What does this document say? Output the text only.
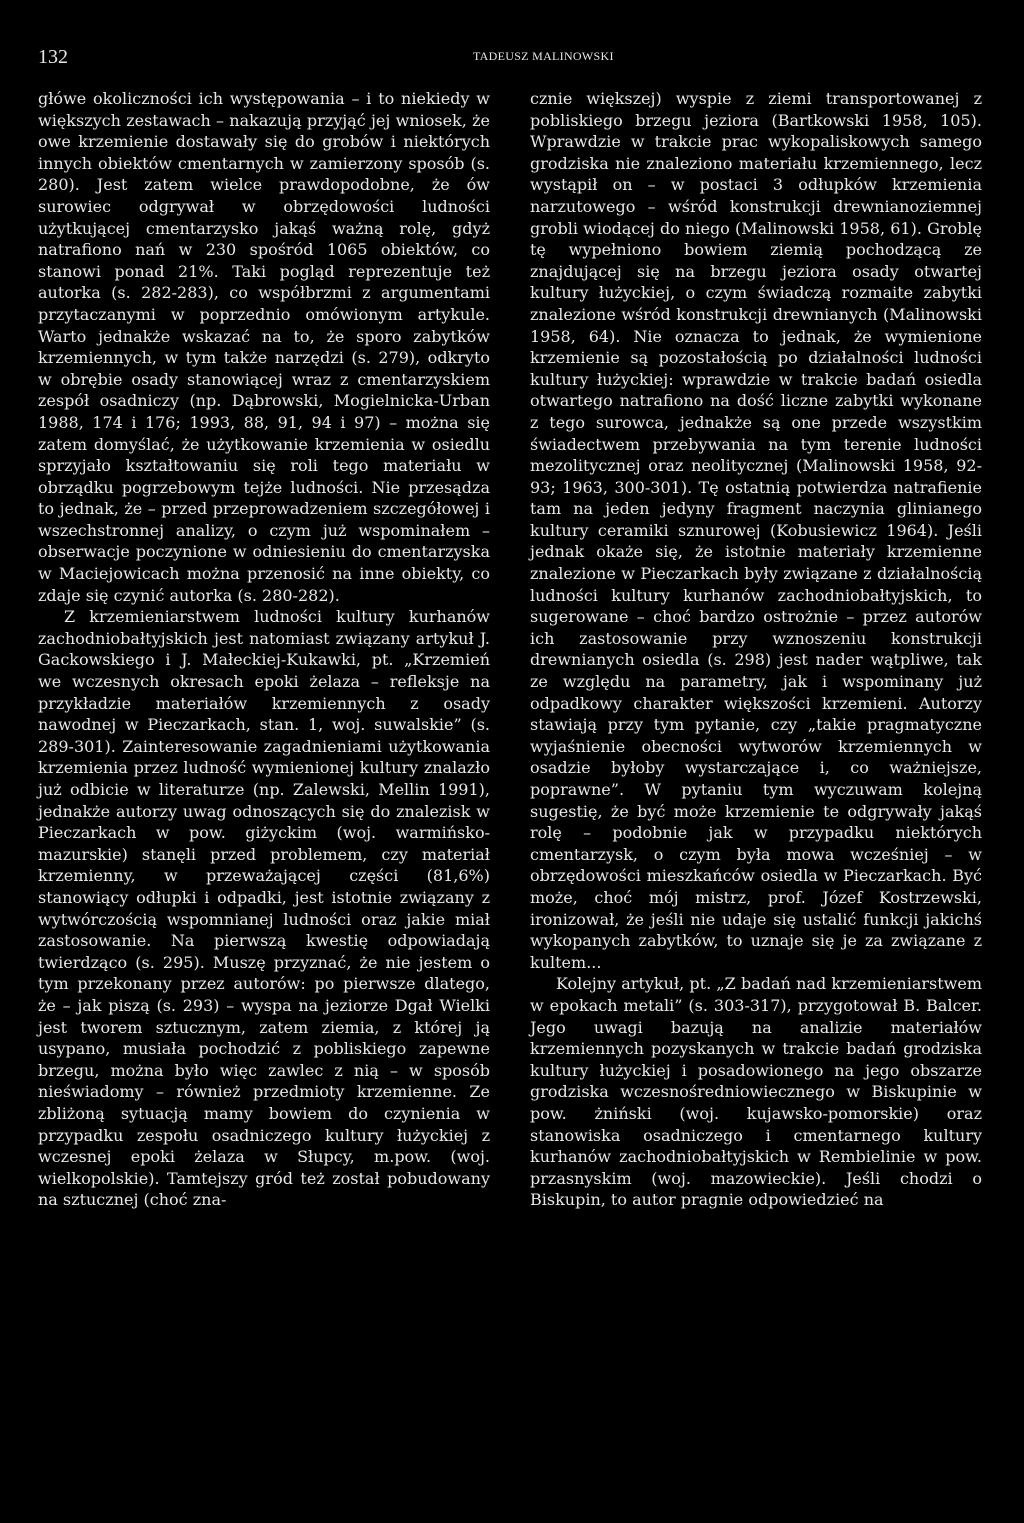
132	TADEUSZ MALINOWSKI

główe okoliczności ich występowania – i to niekiedy w większych zestawach – nakazują przyjąć jej wniosek, że owe krzemienie dostawały się do grobów i niektórych innych obiektów cmentarnych w zamierzony sposób (s. 280). Jest zatem wielce prawdopodobne, że ów surowiec odgrywał w obrzędowości ludności użytkującej cmentarzysko jakąś ważną rolę, gdyż natrafiono nań w 230 spośród 1065 obiektów, co stanowi ponad 21%. Taki pogląd reprezentuje też autorka (s. 282-283), co współbrzmi z argumentami przytaczanymi w poprzednio omówionym artykule. Warto jednakże wskazać na to, że sporo zabytków krzemiennych, w tym także narzędzi (s. 279), odkryto w obrębie osady stanowiącej wraz z cmentarzyskiem zespół osadniczy (np. Dąbrowski, Mogielnicka-Urban 1988, 174 i 176; 1993, 88, 91, 94 i 97) – można się zatem domyślać, że użytkowanie krzemienia w osiedlu sprzyjało kształtowaniu się roli tego materiału w obrządku pogrzebowym tejże ludności. Nie przesądza to jednak, że – przed przeprowadzeniem szczegółowej i wszechstronnej analizy, o czym już wspominałem – obserwacje poczynione w odniesieniu do cmentarzyska w Maciejowicach można przenosić na inne obiekty, co zdaje się czynić autorka (s. 280-282).

Z krzemieniarstwem ludności kultury kurhanów zachodniobałtyjskich jest natomiast związany artykuł J. Gackowskiego i J. Małeckiej-Kukawki, pt. „Krzemień we wczesnych okresach epoki żelaza – refleksje na przykładzie materiałów krzemiennych z osady nawodnej w Pieczarkach, stan. 1, woj. suwalskie” (s. 289-301). Zainteresowanie zagadnieniami użytkowania krzemienia przez ludność wymienionej kultury znalazło już odbicie w literaturze (np. Zalewski, Mellin 1991), jednakże autorzy uwag odnoszących się do znalezisk w Pieczarkach w pow. giżyckim (woj. warmińsko-mazurskie) stanęli przed problemem, czy materiał krzemienny, w przeważającej części (81,6%) stanowiący odłupki i odpadki, jest istotnie związany z wytwórczością wspomnianej ludności oraz jakie miał zastosowanie. Na pierwszą kwestię odpowiadają twierdząco (s. 295). Muszę przyznać, że nie jestem o tym przekonany przez autorów: po pierwsze dlatego, że – jak piszą (s. 293) – wyspa na jeziorze Dgał Wielki jest tworem sztucznym, zatem ziemia, z której ją usypano, musiała pochodzić z pobliskiego zapewne brzegu, można było więc zawlec z nią – w sposób nieświadomy – również przedmioty krzemienne. Ze zbliżoną sytuacją mamy bowiem do czynienia w przypadku zespołu osadniczego kultury łużyckiej z wczesnej epoki żelaza w Słupcy, m.pow. (woj. wielkopolskie). Tamtejszy gród też został pobudowany na sztucznej (choć zna-

cznie większej) wyspie z ziemi transportowanej z pobliskiego brzegu jeziora (Bartkowski 1958, 105). Wprawdzie w trakcie prac wykopaliskowych samego grodziska nie znaleziono materiału krzemiennego, lecz wystąpił on – w postaci 3 odłupków krzemienia narzutowego – wśród konstrukcji drewnianoziemnej grobli wiodącej do niego (Malinowski 1958, 61). Groblę tę wypełniono bowiem ziemią pochodzącą ze znajdującej się na brzegu jeziora osady otwartej kultury łużyckiej, o czym świadczą rozmaite zabytki znalezione wśród konstrukcji drewnianych (Malinowski 1958, 64). Nie oznacza to jednak, że wymienione krzemienie są pozostałością po działalności ludności kultury łużyckiej: wprawdzie w trakcie badań osiedla otwartego natrafiono na dość liczne zabytki wykonane z tego surowca, jednakże są one przede wszystkim świadectwem przebywania na tym terenie ludności mezolitycznej oraz neolitycznej (Malinowski 1958, 92-93; 1963, 300-301). Tę ostatnią potwierdza natrafienie tam na jeden jedyny fragment naczynia glinianego kultury ceramiki sznurowej (Kobusiewicz 1964). Jeśli jednak okaże się, że istotnie materiały krzemienne znalezione w Pieczarkach były związane z działalnością ludności kultury kurhanów zachodniobałtyjskich, to sugerowane – choć bardzo ostrożnie – przez autorów ich zastosowanie przy wznoszeniu konstrukcji drewnianych osiedla (s. 298) jest nader wątpliwe, tak ze względu na parametry, jak i wspominany już odpadkowy charakter większości krzemieni. Autorzy stawiają przy tym pytanie, czy „takie pragmatyczne wyjaśnienie obecności wytworów krzemiennych w osadzie byłoby wystarczające i, co ważniejsze, poprawne”. W pytaniu tym wyczuwam kolejną sugestię, że być może krzemienie te odgrywały jakąś rolę – podobnie jak w przypadku niektórych cmentarzysk, o czym była mowa wcześniej – w obrzędowości mieszkańców osiedla w Pieczarkach. Być może, choć mój mistrz, prof. Józef Kostrzewski, ironizował, że jeśli nie udaje się ustalić funkcji jakichś wykopanych zabytków, to uznaje się je za związane z kultem...

Kolejny artykuł, pt. „Z badań nad krzemieniarstwem w epokach metali” (s. 303-317), przygotował B. Balcer. Jego uwagi bazują na analizie materiałów krzemiennych pozyskanych w trakcie badań grodziska kultury łużyckiej i posadowionego na jego obszarze grodziska wczesnośredniowiecznego w Biskupinie w pow. żniński (woj. kujawsko-pomorskie) oraz stanowiska osadniczego i cmentarnego kultury kurhanów zachodniobałtyjskich w Rembielinie w pow. przasnyskim (woj. mazowieckie). Jeśli chodzi o Biskupin, to autor pragnie odpowiedzieć na
